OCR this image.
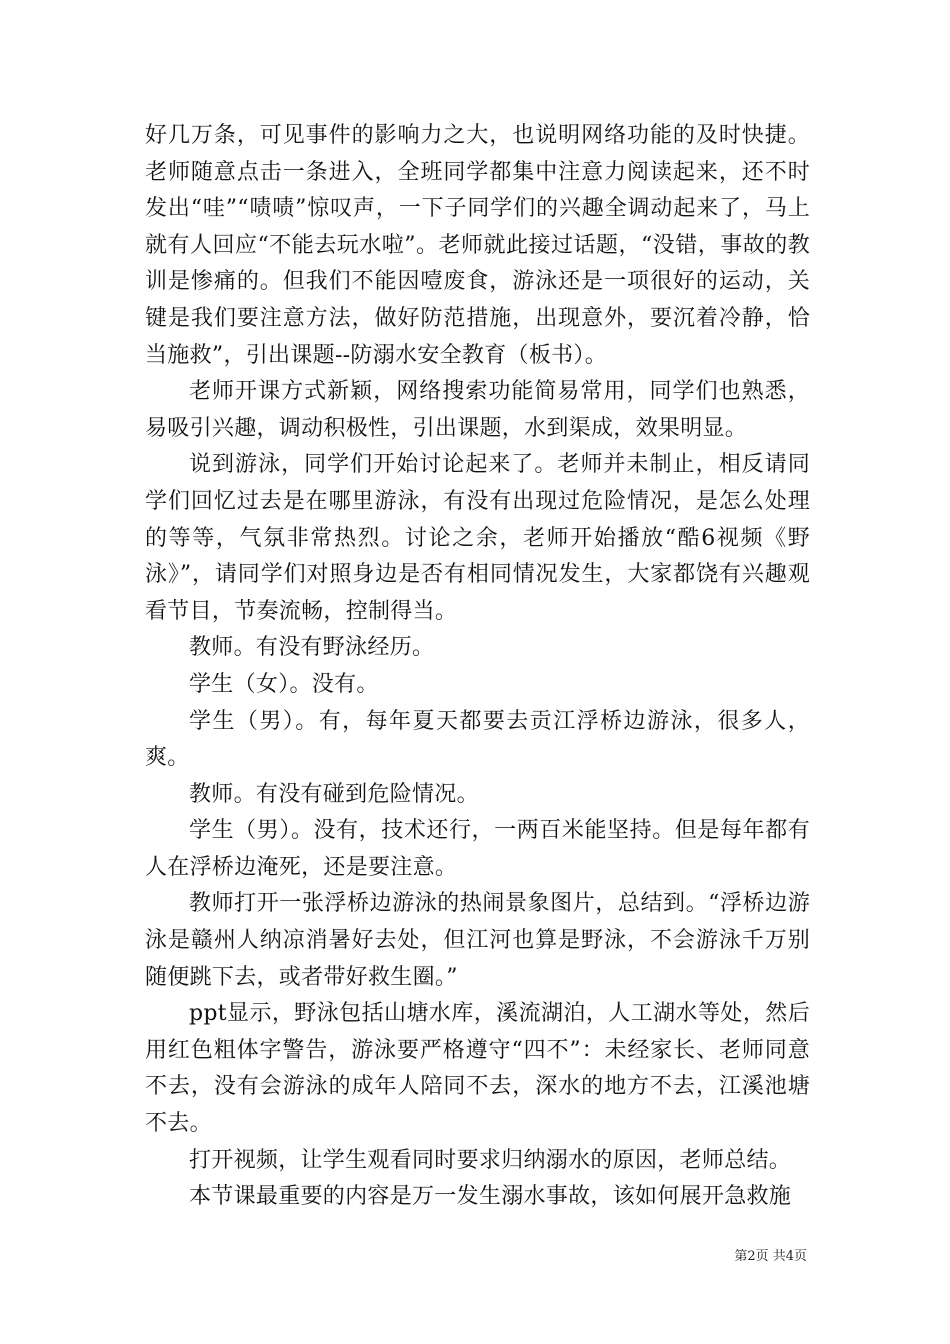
好几万条，可见事件的影响力之大，也说明网络功能的及时快捷。老师随意点击一条进入，全班同学都集中注意力阅读起来，还不时发出“哇”“啧啧”惊叹声，一下子同学们的兴趣全调动起来了，马上就有人回应“不能去玩水啦”。老师就此接过话题，“没错，事故的教训是惨痛的。但我们不能因噎废食，游泳还是一项很好的运动，关键是我们要注意方法，做好防范措施，出现意外，要沉着冷静，恰当施救”，引出课题--防溺水安全教育（板书）。

老师开课方式新颖，网络搜索功能简易常用，同学们也熟悉，易吸引兴趣，调动积极性，引出课题，水到渠成，效果明显。

说到游泳，同学们开始讨论起来了。老师并未制止，相反请同学们回忆过去是在哪里游泳，有没有出现过危险情况，是怎么处理的等等，气氛非常热烈。讨论之余，老师开始播放“酷6视频《野泳》”，请同学们对照身边是否有相同情况发生，大家都饶有兴趣观看节目，节奏流畅，控制得当。

教师。有没有野泳经历。

学生（女）。没有。

学生（男）。有，每年夏天都要去贡江浮桥边游泳，很多人，爽。

教师。有没有碰到危险情况。

学生（男）。没有，技术还行，一两百米能坚持。但是每年都有人在浮桥边淹死，还是要注意。

教师打开一张浮桥边游泳的热闹景象图片，总结到。“浮桥边游泳是赣州人纳凉消暑好去处，但江河也算是野泳，不会游泳千万别随便跳下去，或者带好救生圈。”

ppt显示，野泳包括山塘水库，溪流湖泊，人工湖水等处，然后用红色粗体字警告，游泳要严格遵守“四不”：未经家长、老师同意不去，没有会游泳的成年人陪同不去，深水的地方不去，江溪池塘不去。

打开视频，让学生观看同时要求归纳溺水的原因，老师总结。

本节课最重要的内容是万一发生溺水事故，该如何展开急救施

第2页 共4页
